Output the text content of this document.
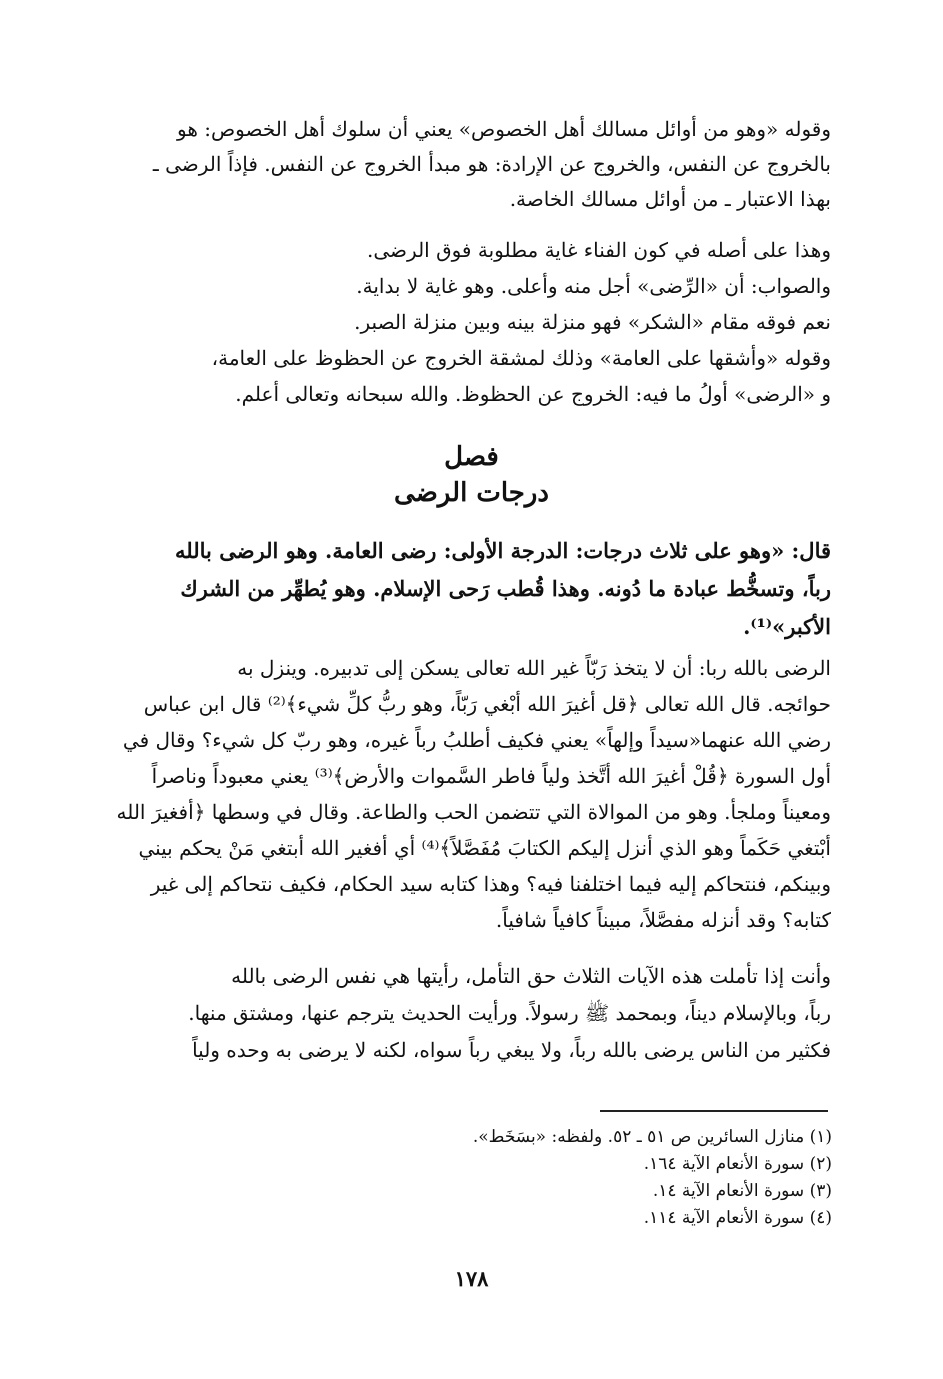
وقوله «وهو من أوائل مسالك أهل الخصوص» يعني أن سلوك أهل الخصوص: هو
بالخروج عن النفس، والخروج عن الإرادة: هو مبدأ الخروج عن النفس. فإذاً الرضى ـ
بهذا الاعتبار ـ من أوائل مسالك الخاصة.
وهذا على أصله في كون الفناء غاية مطلوبة فوق الرضى.
والصواب: أن «الرِّضى» أجل منه وأعلى. وهو غاية لا بداية.
نعم فوقه مقام «الشكر» فهو منزلة بينه وبين منزلة الصبر.
وقوله «وأشقها على العامة» وذلك لمشقة الخروج عن الحظوظ على العامة،
و «الرضى» أولُ ما فيه: الخروج عن الحظوظ. والله سبحانه وتعالى أعلم.
فصل
درجات الرضى
قال: «وهو على ثلاث درجات: الدرجة الأولى: رضى العامة. وهو الرضى بالله
رباً، وتسخُّط عبادة ما دُونه. وهذا قُطب رَحى الإسلام. وهو يُطهِّر من الشرك
الأكبر»⁽¹⁾.
الرضى بالله ربا: أن لا يتخذ رَبّاً غير الله تعالى يسكن إلى تدبيره. وينزل به
حوائجه. قال الله تعالى ﴿قل أغيرَ الله أبْغي رَبّاً، وهو ربُّ كلِّ شيء﴾⁽²⁾ قال ابن عباس
رضي الله عنهما«سيداً وإلهاً» يعني فكيف أطلبُ رباً غيره، وهو ربّ كل شيء؟ وقال في
أول السورة ﴿قُلْ أغيرَ الله أتَّخذ ولياً فاطر السَّموات والأرض﴾⁽³⁾ يعني معبوداً وناصراً
ومعيناً وملجأ. وهو من الموالاة التي تتضمن الحب والطاعة. وقال في وسطها ﴿أفغيرَ الله
أبْتغي حَكَماً وهو الذي أنزل إليكم الكتابَ مُفَصَّلاً﴾⁽⁴⁾ أي أفغير الله أبتغي مَنْ يحكم بيني
وبينكم، فنتحاكم إليه فيما اختلفنا فيه؟ وهذا كتابه سيد الحكام، فكيف نتحاكم إلى غير
كتابه؟ وقد أنزله مفصَّلاً، مبيناً كافياً شافياً.
وأنت إذا تأملت هذه الآيات الثلاث حق التأمل، رأيتها هي نفس الرضى بالله
رباً، وبالإسلام ديناً، وبمحمد ﷺ رسولاً. ورأيت الحديث يترجم عنها، ومشتق منها.
فكثير من الناس يرضى بالله رباً، ولا يبغي رباً سواه، لكنه لا يرضى به وحده ولياً
(١) منازل السائرين ص ٥١ ـ ٥٢. ولفظه: «بسَخَط».
(٢) سورة الأنعام الآية ١٦٤.
(٣) سورة الأنعام الآية ١٤.
(٤) سورة الأنعام الآية ١١٤.
١٧٨
